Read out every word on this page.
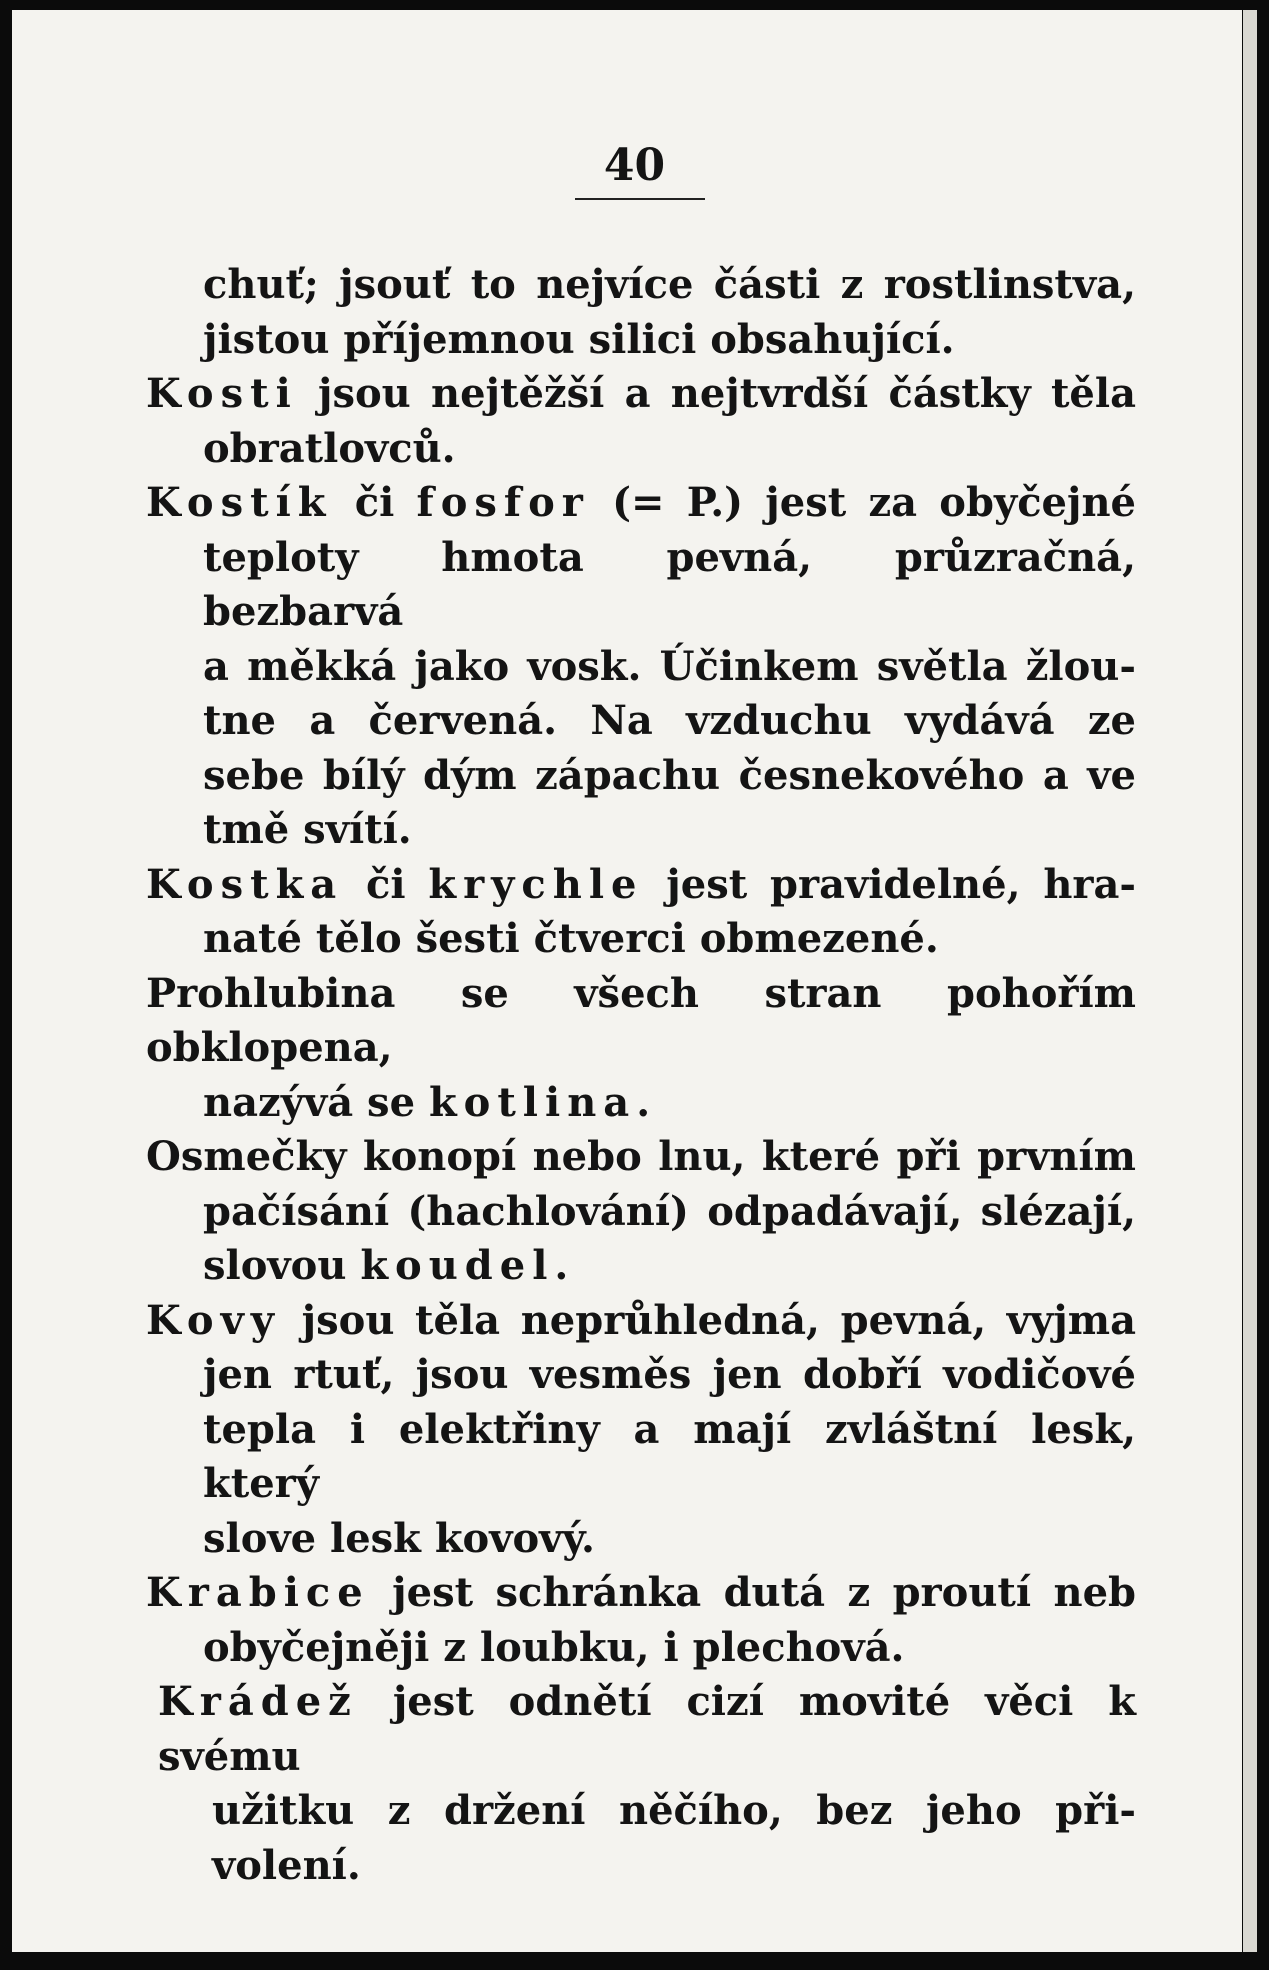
40
chuť; jsouť to nejvíce části z rostlinstva,
jistou příjemnou silici obsahující.
Kosti jsou nejtěžší a nejtvrdší částky těla
obratlovců.
Kostík či fosfor (= P.) jest za obyčejné
teploty hmota pevná, průzračná, bezbarvá
a měkká jako vosk. Účinkem světla žlou-
tne a červená. Na vzduchu vydává ze
sebe bílý dým zápachu česnekového a ve
tmě svítí.
Kostka či krychle jest pravidelné, hra-
naté tělo šesti čtverci obmezené.
Prohlubina se všech stran pohořím obklopena,
nazývá se kotlina.
Osmečky konopí nebo lnu, které při prvním
pačísání (hachlování) odpadávají, slézají,
slovou koudel.
Kovy jsou těla neprůhledná, pevná, vyjma
jen rtuť, jsou vesměs jen dobří vodičové
tepla i elektřiny a mají zvláštní lesk, který
slove lesk kovový.
Krabice jest schránka dutá z proutí neb
obyčejněji z loubku, i plechová.
Krádež jest odnětí cizí movité věci k svému
užitku z držení něčího, bez jeho při-
volení.
